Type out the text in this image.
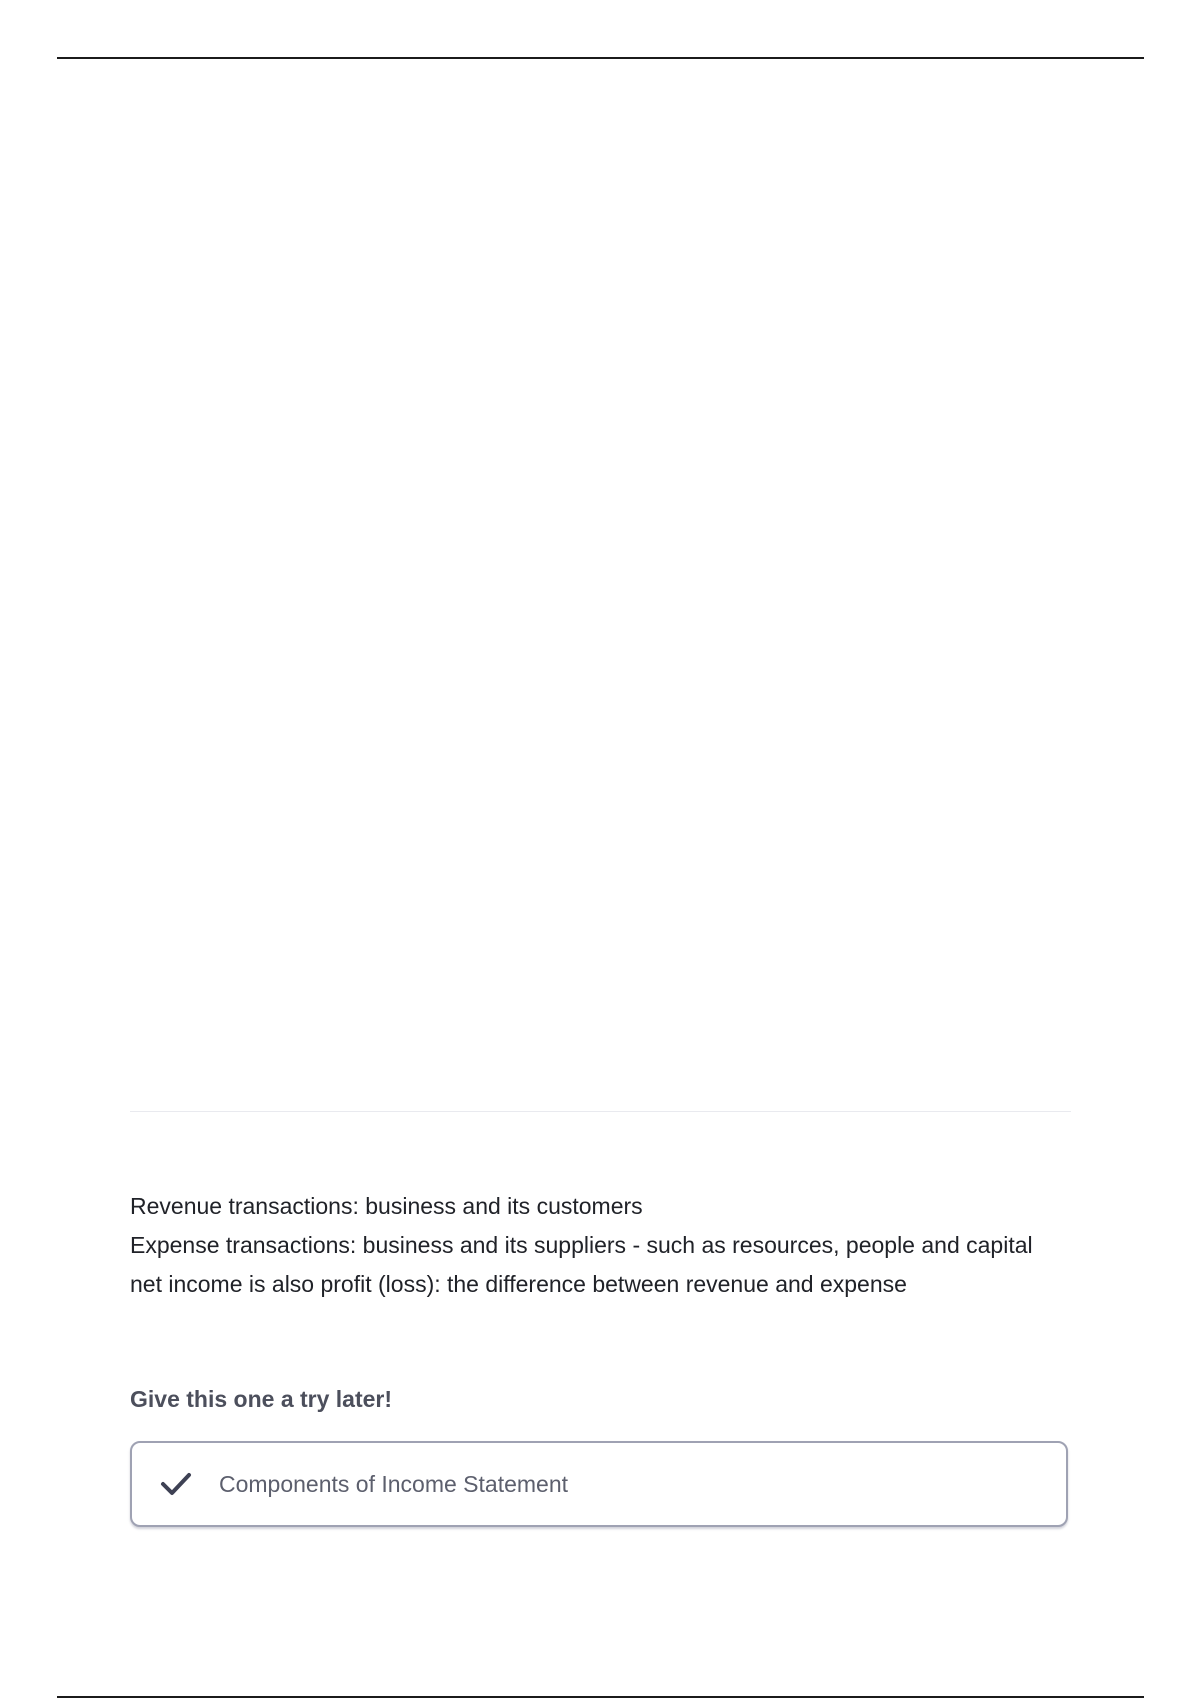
Revenue transactions: business and its customers
Expense transactions: business and its suppliers - such as resources, people and capital
net income is also profit (loss): the difference between revenue and expense
Give this one a try later!
Components of Income Statement
